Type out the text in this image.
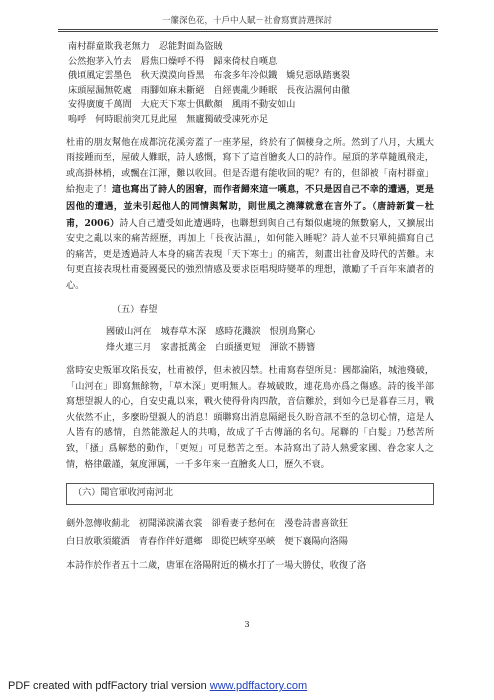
一簾深色花，十戶中人賦－社會寫實詩選探討
南村群童欺我老無力　忍能對面為盜賊
公然抱茅入竹去　唇焦口燥呼不得　歸來倚杖自嘆息
俄頃風定雲墨色　秋天漠漠向昏黑　布衾多年冷似鐵　嬌兒惡臥踏裏裂
床頭屋漏無乾處　雨腳如麻未斷絕　自經喪亂少睡眠　長夜沾濕何由徹
安得廣廈千萬間　大庇天下寒士俱歡顏　風雨不動安如山
嗚呼　何時眼前突兀見此屋　無廬獨破受凍死亦足

杜甫的朋友幫他在成都浣花溪旁蓋了一座茅屋，終於有了個棲身之所。然到了八月，大風大雨接踵而至，屋破人難眠，詩人感慨，寫下了這首膾炙人口的詩作。屋頂的茅草隨風飛走，或高掛林梢，或飄在江渾，難以收回。但是否還有能收回的呢？有的，但卻被「南村群童」給抱走了！這也寫出了詩人的困窘，而作者歸來這一嘆息，不只是因自己不幸的遭遇，更是因他的遭遇，並未引起他人的同情與幫助，則世風之澆薄就意在言外了。（唐詩新賞－杜甫，2006）詩人自己遭受如此遭遇時，也聯想到與自己有類似處境的無數窮人，又擴展出安史之亂以來的痛苦經歷，再加上「長夜沾濕」，如何能入睡呢？詩人並不只單純描寫自己的痛苦，更是透過詩人本身的痛苦表現「天下寒士」的痛苦，刻畫出社會及時代的苦難。末句更直接表現杜甫憂國憂民的強烈情感及要求臣唱現時變革的理想，激勵了千百年來讀者的心。

（五）春望

國破山河在　城春草木深　感時花濺淚　恨別鳥驚心
烽火連三月　家書抵萬金　白頭搔更短　渾欲不勝簪

當時安史叛軍攻陷長安，杜甫被俘，但未被囚禁。杜甫寫春望所見：國都淪陷，城池殘破，「山河在」即寫無餘物，「草木深」更明無人。春城破敗，連花鳥亦爲之傷感。詩的後半部寫想望親人的心，自安史亂以來，戰火使得骨肉四散，音信難於，到如今已是暮春三月，戰火依然不止，多麼盼望親人的消息！頭聯寫出消息隔絕長久盼音訊不至的急切心情，這是人人皆有的感情，自然能激起人的共鳴，故成了千古傳誦的名句。尾聯的「白髮」乃愁苦所致，「搔」爲解愁的動作，「更短」可見愁苦之至。本詩寫出了詩人熱愛家國、眷念家人之情，格律嚴謹，氣度渾厲，一千多年來一直膾炙人口，歷久不衰。

（六）聞官軍收河南河北

劍外忽傳收薊北　初聞涕淚滿衣裳　卻看妻子愁何在　漫卷詩書喜欲狂
白日放歌須縱酒　青春作伴好還鄉　即從巴峽穿巫峽　便下襄陽向洛陽

本詩作於作者五十二歲，唐軍在洛陽附近的橫水打了一場大勝仗，收復了洛

3
PDF created with pdfFactory trial version www.pdffactory.com
